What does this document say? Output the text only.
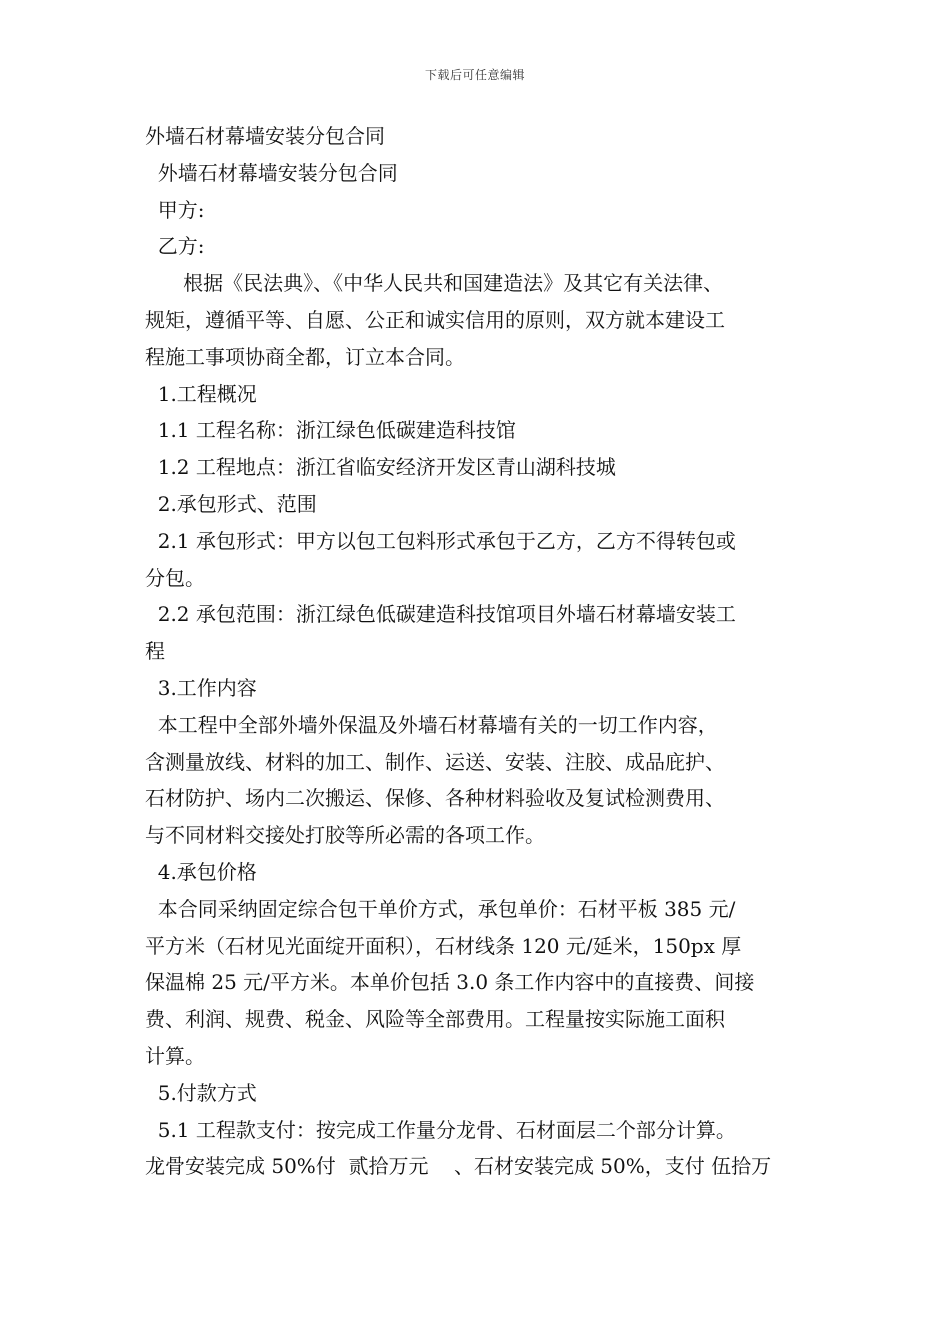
下载后可任意编辑
外墙石材幕墙安装分包合同
外墙石材幕墙安装分包合同
甲方:
乙方:
根据《民法典》、《中华人民共和国建造法》及其它有关法律、
规矩，遵循平等、自愿、公正和诚实信用的原则，双方就本建设工
程施工事项协商全都，订立本合同。
1.工程概况
1.1 工程名称：浙江绿色低碳建造科技馆
1.2 工程地点：浙江省临安经济开发区青山湖科技城
2.承包形式、范围
2.1 承包形式：甲方以包工包料形式承包于乙方，乙方不得转包或
分包。
2.2 承包范围：浙江绿色低碳建造科技馆项目外墙石材幕墙安装工
程
3.工作内容
本工程中全部外墙外保温及外墙石材幕墙有关的一切工作内容，
含测量放线、材料的加工、制作、运送、安装、注胶、成品庇护、
石材防护、场内二次搬运、保修、各种材料验收及复试检测费用、
与不同材料交接处打胶等所必需的各项工作。
4.承包价格
本合同采纳固定综合包干单价方式，承包单价：石材平板 385 元/
平方米（石材见光面绽开面积），石材线条 120 元/延米，150px 厚
保温棉 25 元/平方米。本单价包括 3.0 条工作内容中的直接费、间接
费、利润、规费、税金、风险等全部费用。工程量按实际施工面积
计算。
5.付款方式
5.1 工程款支付：按完成工作量分龙骨、石材面层二个部分计算。
龙骨安装完成 50%付  贰拾万元    、石材安装完成 50%，支付 伍拾万
